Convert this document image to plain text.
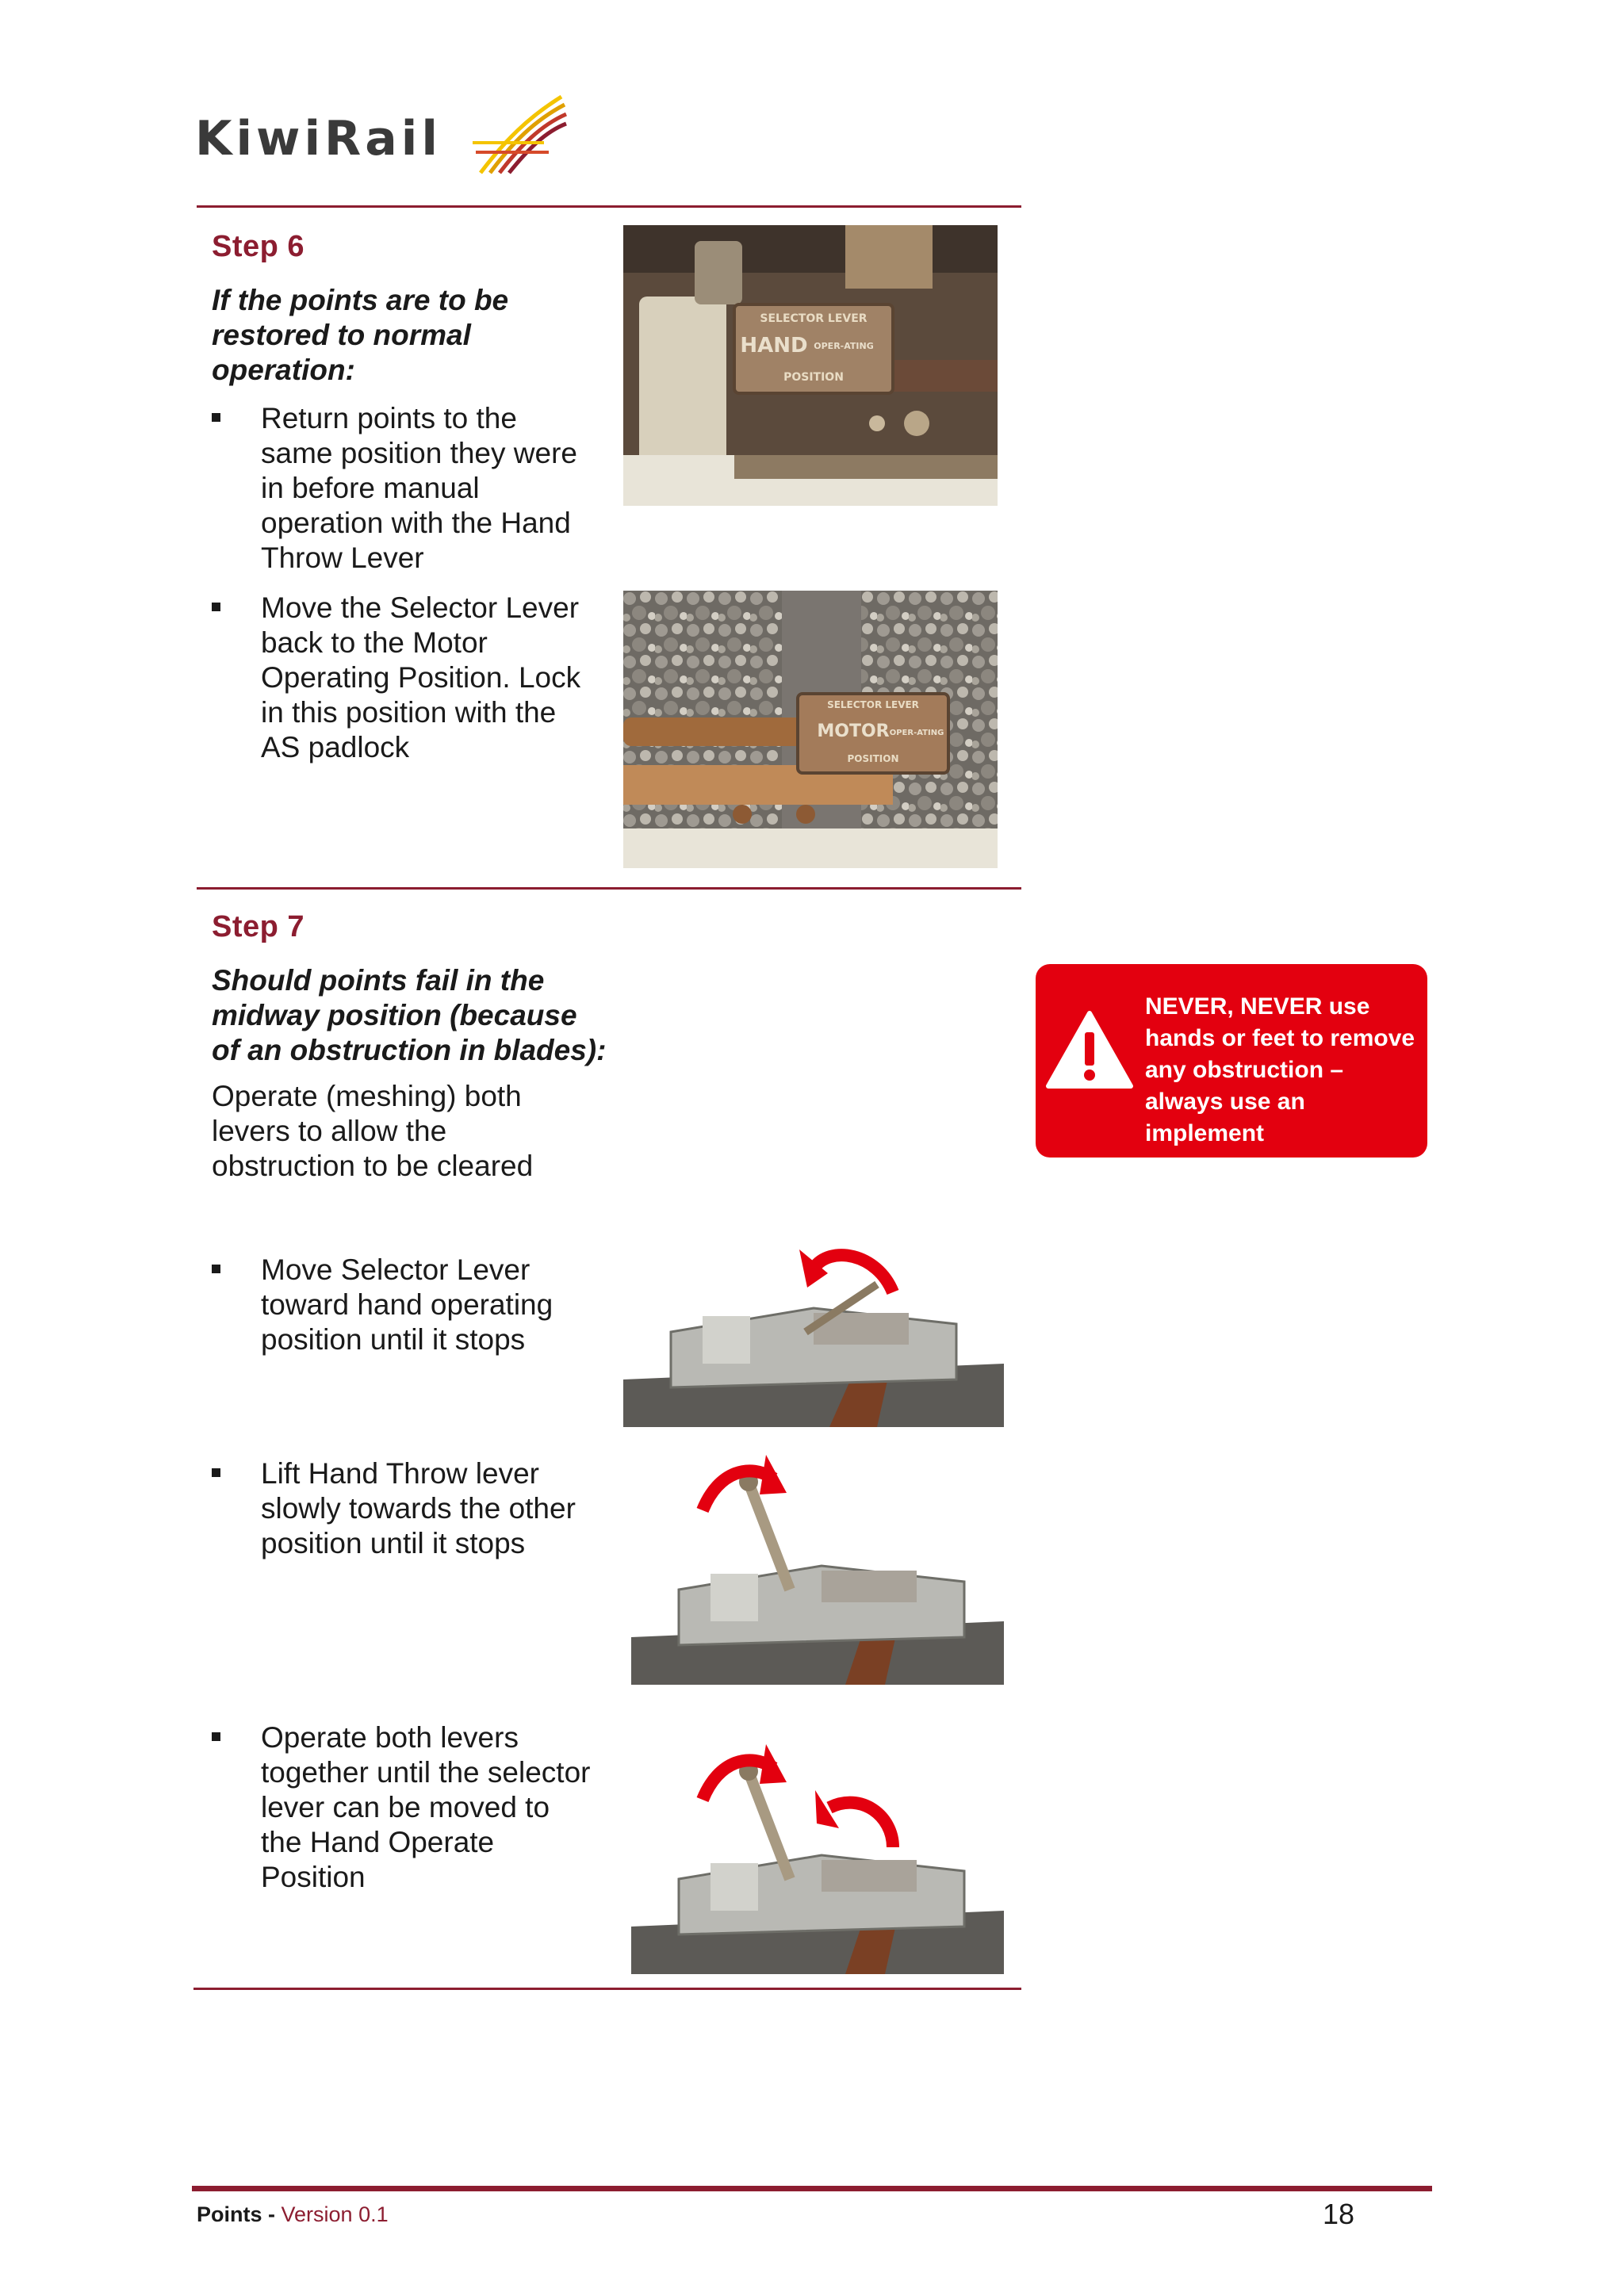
KiwiRail

Step 6

If the points are to be restored to normal operation:

Return points to the same position they were in before manual operation with the Hand Throw Lever
Move the Selector Lever back to the Motor Operating Position. Lock in this position with the AS padlock
SELECTOR LEVER
HAND OPER-ATING
POSITION
SELECTOR LEVER
MOTOR OPER-ATING
POSITION

Step 7

Should points fail in the midway position (because of an obstruction in blades):

Operate (meshing) both levers to allow the obstruction to be cleared

Move Selector Lever toward hand operating position until it stops
Lift Hand Throw lever slowly towards the other position until it stops
Operate both levers together until the selector lever can be moved to the Hand Operate Position
NEVER, NEVER use hands or feet to remove any obstruction – always use an implement
Points - Version 0.1	18
